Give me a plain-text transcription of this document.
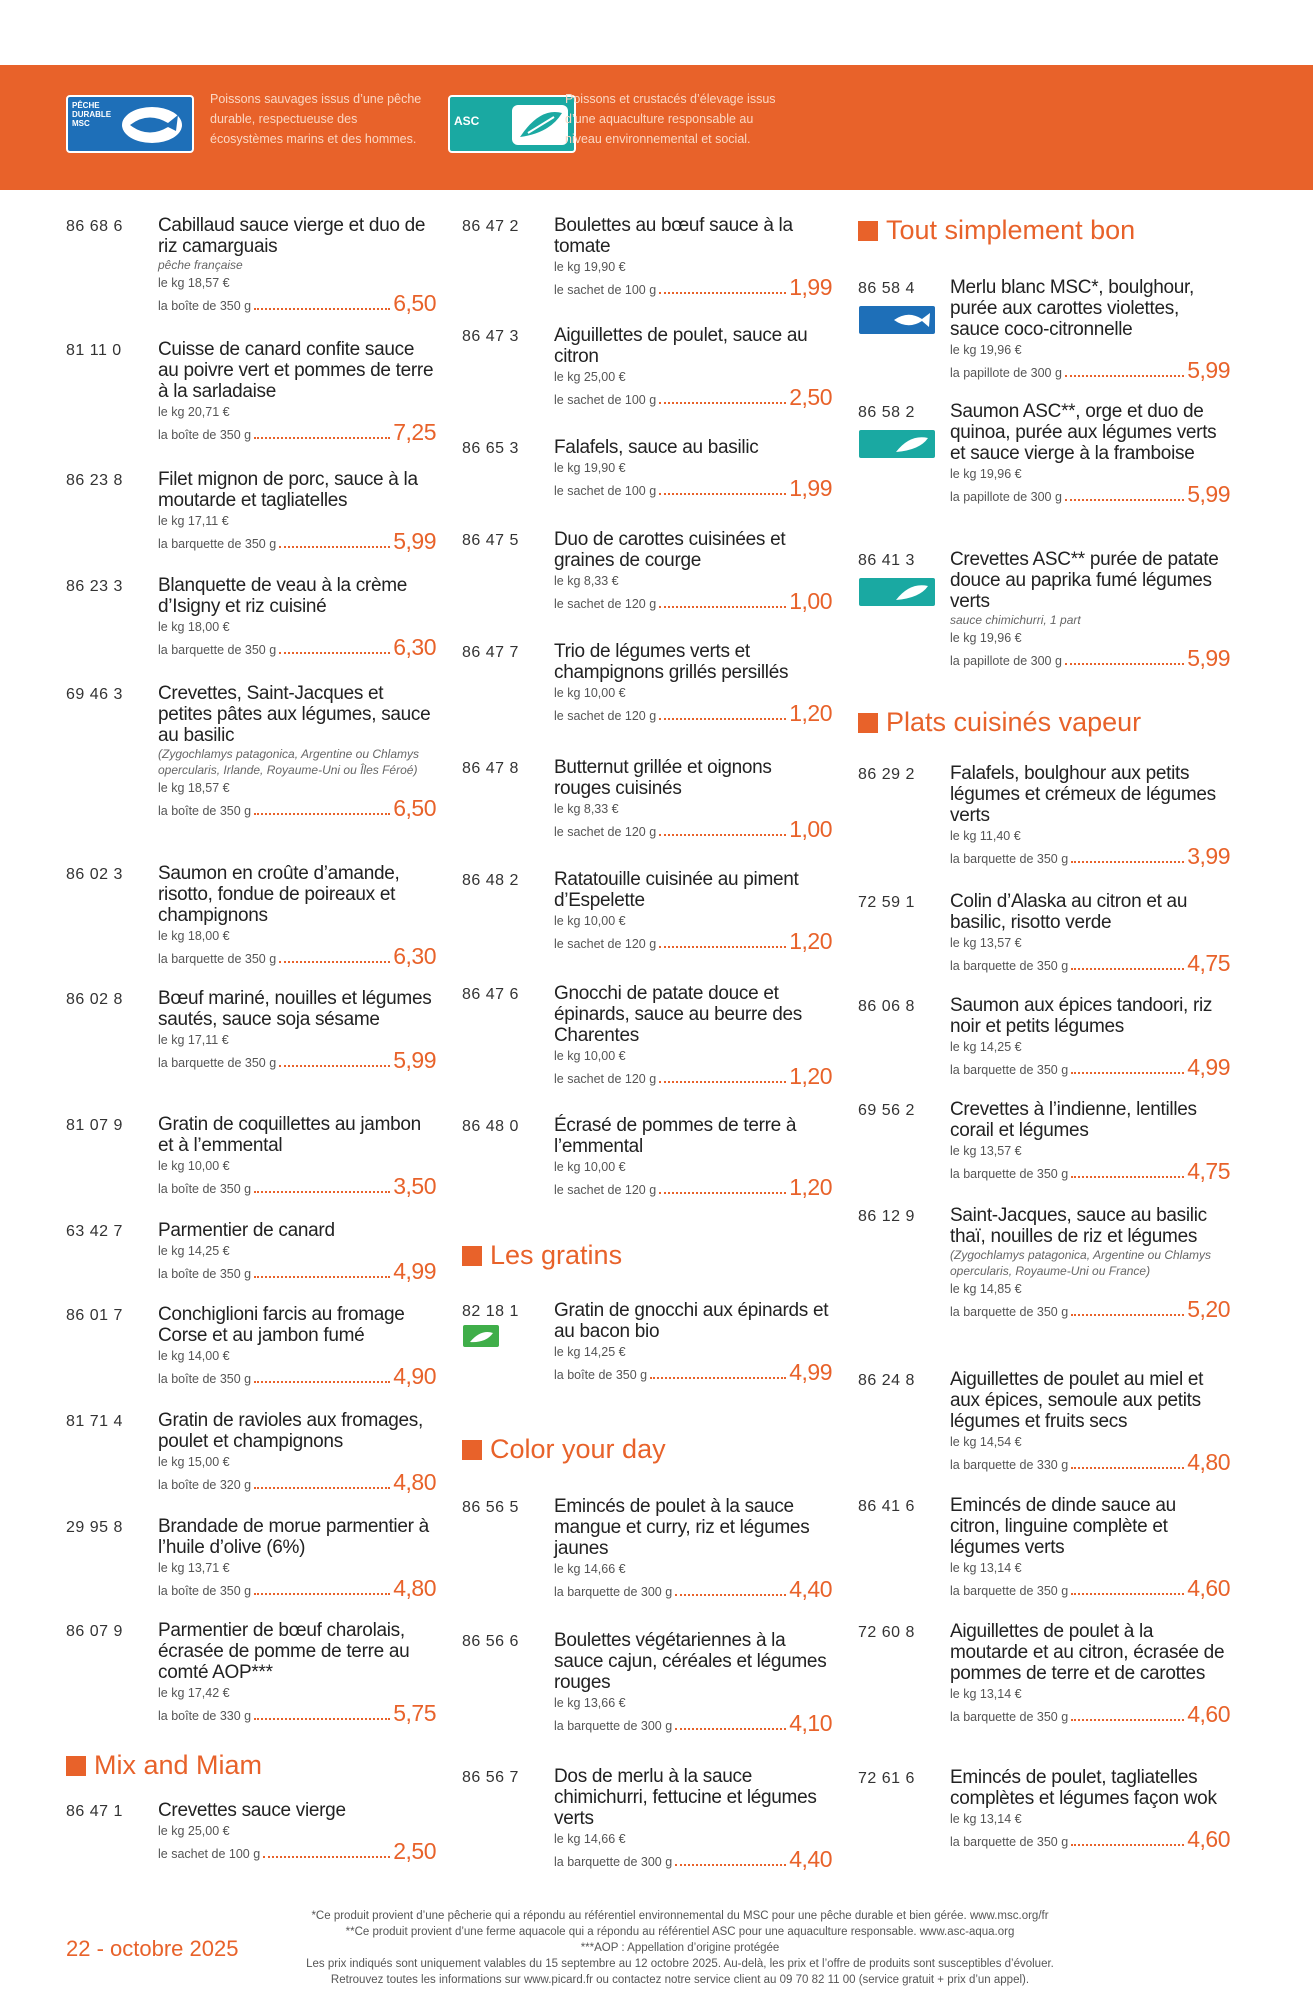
PÊCHE DURABLE MSC
Poissons sauvages issus d’une pêche durable, respectueuse des écosystèmes marins et des hommes.
ASC
Poissons et crustacés d’élevage issus d’une aquaculture responsable au niveau environnemental et social.
86 68 6 Cabillaud sauce vierge et duo de riz camarguais
pêche française
le kg 18,57 €
la boîte de 350 g	6,50
81 11 0 Cuisse de canard confite sauce au poivre vert et pommes de terre à la sarladaise
le kg 20,71 €
la boîte de 350 g	7,25
86 23 8 Filet mignon de porc, sauce à la moutarde et tagliatelles
le kg 17,11 €
la barquette de 350 g	5,99
86 23 3 Blanquette de veau à la crème d’Isigny et riz cuisiné
le kg 18,00 €
la barquette de 350 g	6,30
69 46 3 Crevettes, Saint-Jacques et petites pâtes aux légumes, sauce au basilic
(Zygochlamys patagonica, Argentine ou Chlamys opercularis, Irlande, Royaume-Uni ou Îles Féroé)
le kg 18,57 €
la boîte de 350 g	6,50
86 02 3 Saumon en croûte d’amande, risotto, fondue de poireaux et champignons
le kg 18,00 €
la barquette de 350 g	6,30
86 02 8 Bœuf mariné, nouilles et légumes sautés, sauce soja sésame
le kg 17,11 €
la barquette de 350 g	5,99
81 07 9 Gratin de coquillettes au jambon et à l’emmental
le kg 10,00 €
la boîte de 350 g	3,50
63 42 7 Parmentier de canard
le kg 14,25 €
la boîte de 350 g	4,99
86 01 7 Conchiglioni farcis au fromage Corse et au jambon fumé
le kg 14,00 €
la boîte de 350 g	4,90
81 71 4 Gratin de ravioles aux fromages, poulet et champignons
le kg 15,00 €
la boîte de 320 g	4,80
29 95 8 Brandade de morue parmentier à l’huile d’olive (6%)
le kg 13,71 €
la boîte de 350 g	4,80
86 07 9 Parmentier de bœuf charolais, écrasée de pomme de terre au comté AOP***
le kg 17,42 €
la boîte de 330 g	5,75
Mix and Miam
86 47 1 Crevettes sauce vierge
le kg 25,00 €
le sachet de 100 g	2,50
86 47 2 Boulettes au bœuf sauce à la tomate
le kg 19,90 €
le sachet de 100 g	1,99
86 47 3 Aiguillettes de poulet, sauce au citron
le kg 25,00 €
le sachet de 100 g	2,50
86 65 3 Falafels, sauce au basilic
le kg 19,90 €
le sachet de 100 g	1,99
86 47 5 Duo de carottes cuisinées et graines de courge
le kg 8,33 €
le sachet de 120 g	1,00
86 47 7 Trio de légumes verts et champignons grillés persillés
le kg 10,00 €
le sachet de 120 g	1,20
86 47 8 Butternut grillée et oignons rouges cuisinés
le kg 8,33 €
le sachet de 120 g	1,00
86 48 2 Ratatouille cuisinée au piment d’Espelette
le kg 10,00 €
le sachet de 120 g	1,20
86 47 6 Gnocchi de patate douce et épinards, sauce au beurre des Charentes
le kg 10,00 €
le sachet de 120 g	1,20
86 48 0 Écrasé de pommes de terre à l’emmental
le kg 10,00 €
le sachet de 120 g	1,20
Les gratins
82 18 1 Gratin de gnocchi aux épinards et au bacon bio
le kg 14,25 €
la boîte de 350 g	4,99
Color your day
86 56 5 Emincés de poulet à la sauce mangue et curry, riz et légumes jaunes
le kg 14,66 €
la barquette de 300 g	4,40
86 56 6 Boulettes végétariennes à la sauce cajun, céréales et légumes rouges
le kg 13,66 €
la barquette de 300 g	4,10
86 56 7 Dos de merlu à la sauce chimichurri, fettucine et légumes verts
le kg 14,66 €
la barquette de 300 g	4,40
Tout simplement bon
86 58 4 Merlu blanc MSC*, boulghour, purée aux carottes violettes, sauce coco-citronnelle
le kg 19,96 €
la papillote de 300 g	5,99
86 58 2 Saumon ASC**, orge et duo de quinoa, purée aux légumes verts et sauce vierge à la framboise
le kg 19,96 €
la papillote de 300 g	5,99
86 41 3 Crevettes ASC** purée de patate douce au paprika fumé légumes verts
sauce chimichurri, 1 part
le kg 19,96 €
la papillote de 300 g	5,99
Plats cuisinés vapeur
86 29 2 Falafels, boulghour aux petits légumes et crémeux de légumes verts
le kg 11,40 €
la barquette de 350 g	3,99
72 59 1 Colin d’Alaska au citron et au basilic, risotto verde
le kg 13,57 €
la barquette de 350 g	4,75
86 06 8 Saumon aux épices tandoori, riz noir et petits légumes
le kg 14,25 €
la barquette de 350 g	4,99
69 56 2 Crevettes à l’indienne, lentilles corail et légumes
le kg 13,57 €
la barquette de 350 g	4,75
86 12 9 Saint-Jacques, sauce au basilic thaï, nouilles de riz et légumes
(Zygochlamys patagonica, Argentine ou Chlamys opercularis, Royaume-Uni ou France)
le kg 14,85 €
la barquette de 350 g	5,20
86 24 8 Aiguillettes de poulet au miel et aux épices, semoule aux petits légumes et fruits secs
le kg 14,54 €
la barquette de 330 g	4,80
86 41 6 Emincés de dinde sauce au citron, linguine complète et légumes verts
le kg 13,14 €
la barquette de 350 g	4,60
72 60 8 Aiguillettes de poulet à la moutarde et au citron, écrasée de pommes de terre et de carottes
le kg 13,14 €
la barquette de 350 g	4,60
72 61 6 Emincés de poulet, tagliatelles complètes et légumes façon wok
le kg 13,14 €
la barquette de 350 g	4,60
22 - octobre 2025
*Ce produit provient d’une pêcherie qui a répondu au référentiel environnemental du MSC pour une pêche durable et bien gérée. www.msc.org/fr
**Ce produit provient d’une ferme aquacole qui a répondu au référentiel ASC pour une aquaculture responsable. www.asc-aqua.org
***AOP : Appellation d’origine protégée
Les prix indiqués sont uniquement valables du 15 septembre au 12 octobre 2025. Au-delà, les prix et l’offre de produits sont susceptibles d’évoluer.
Retrouvez toutes les informations sur www.picard.fr ou contactez notre service client au 09 70 82 11 00 (service gratuit + prix d’un appel).
